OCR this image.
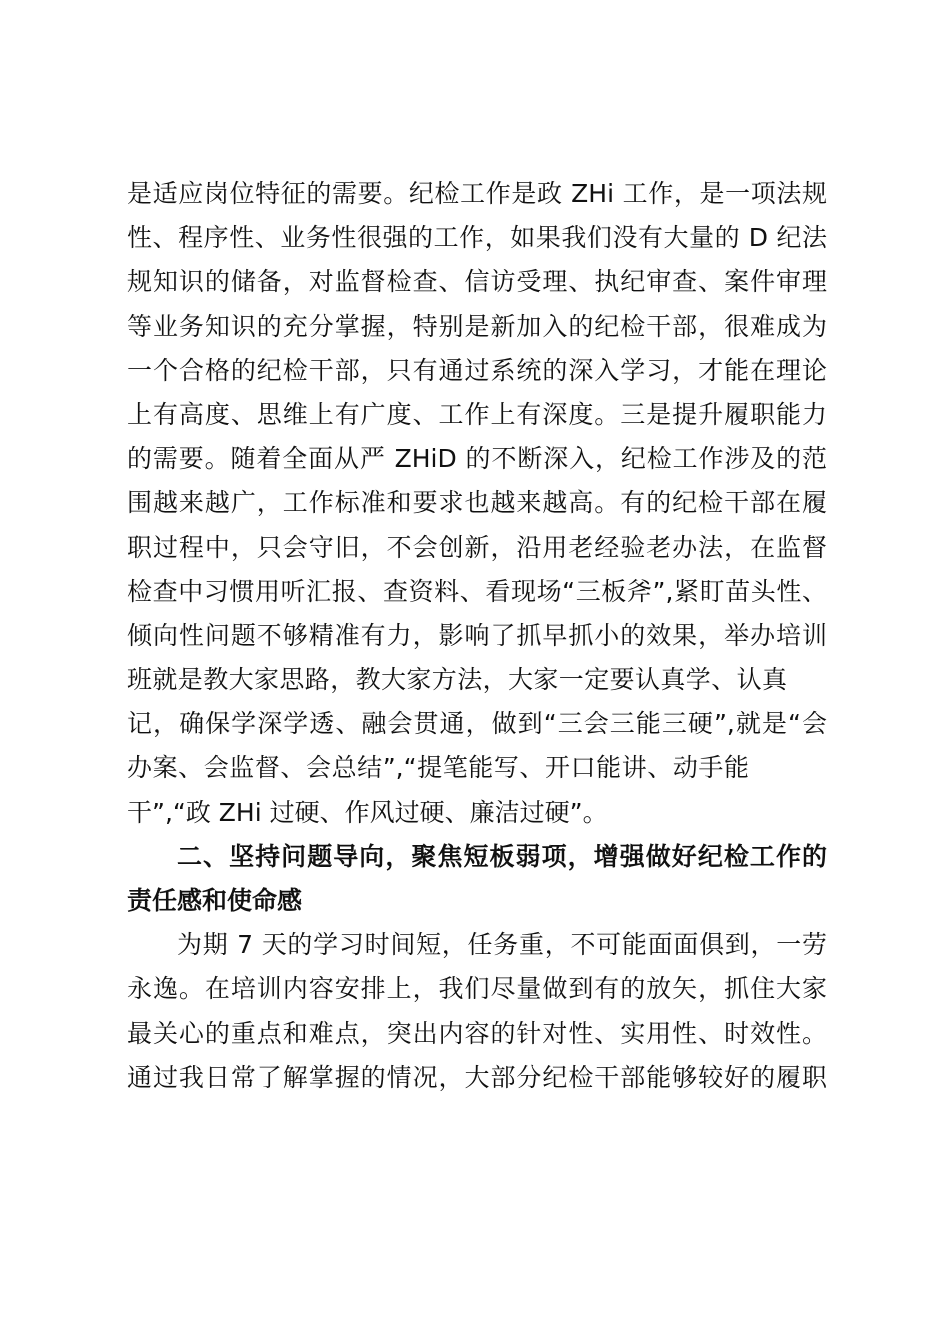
是适应岗位特征的需要。纪检工作是政 ZHi 工作，是一项法规
性、程序性、业务性很强的工作，如果我们没有大量的 D 纪法
规知识的储备，对监督检查、信访受理、执纪审查、案件审理
等业务知识的充分掌握，特别是新加入的纪检干部，很难成为
一个合格的纪检干部，只有通过系统的深入学习，才能在理论
上有高度、思维上有广度、工作上有深度。三是提升履职能力
的需要。随着全面从严 ZHiD 的不断深入，纪检工作涉及的范
围越来越广，工作标准和要求也越来越高。有的纪检干部在履
职过程中，只会守旧，不会创新，沿用老经验老办法，在监督
检查中习惯用听汇报、查资料、看现场“三板斧”,紧盯苗头性、
倾向性问题不够精准有力，影响了抓早抓小的效果，举办培训
班就是教大家思路，教大家方法，大家一定要认真学、认真
记，确保学深学透、融会贯通，做到“三会三能三硬”,就是“会
办案、会监督、会总结”,“提笔能写、开口能讲、动手能
干”,“政 ZHi 过硬、作风过硬、廉洁过硬”。
二、坚持问题导向，聚焦短板弱项，增强做好纪检工作的
责任感和使命感
为期 7 天的学习时间短，任务重，不可能面面俱到，一劳
永逸。在培训内容安排上，我们尽量做到有的放矢，抓住大家
最关心的重点和难点，突出内容的针对性、实用性、时效性。
通过我日常了解掌握的情况，大部分纪检干部能够较好的履职
